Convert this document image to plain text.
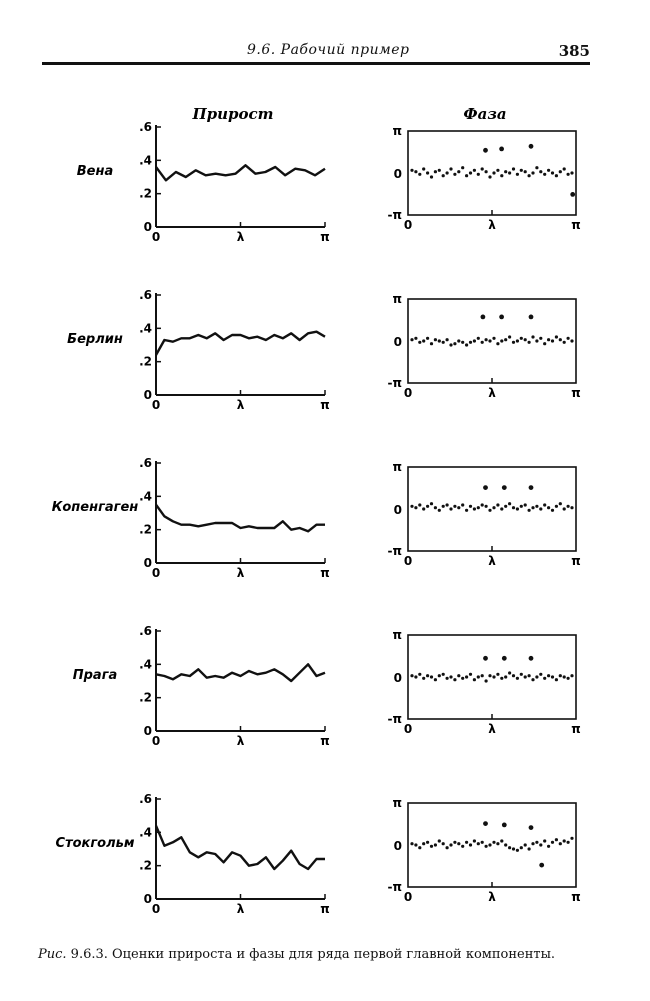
9.6. Рабочий пример	385
Прирост	Фаза
Вена
.6
.4
.2
0
0	λ	π
π
0
-π
0	λ	π
Берлин
.6
.4
.2
0
0	λ	π
π
0
-π
0	λ	π
Копенгаген
.6
.4
.2
0
0	λ	π
π
0
-π
0	λ	π
Прага
.6
.4
.2
0
0	λ	π
π
0
-π
0	λ	π
Стокгольм
.6
.4
.2
0
0	λ	π
π
0
-π
0	λ	π
Рис. 9.6.3. Оценки прироста и фазы для ряда первой главной компоненты.
